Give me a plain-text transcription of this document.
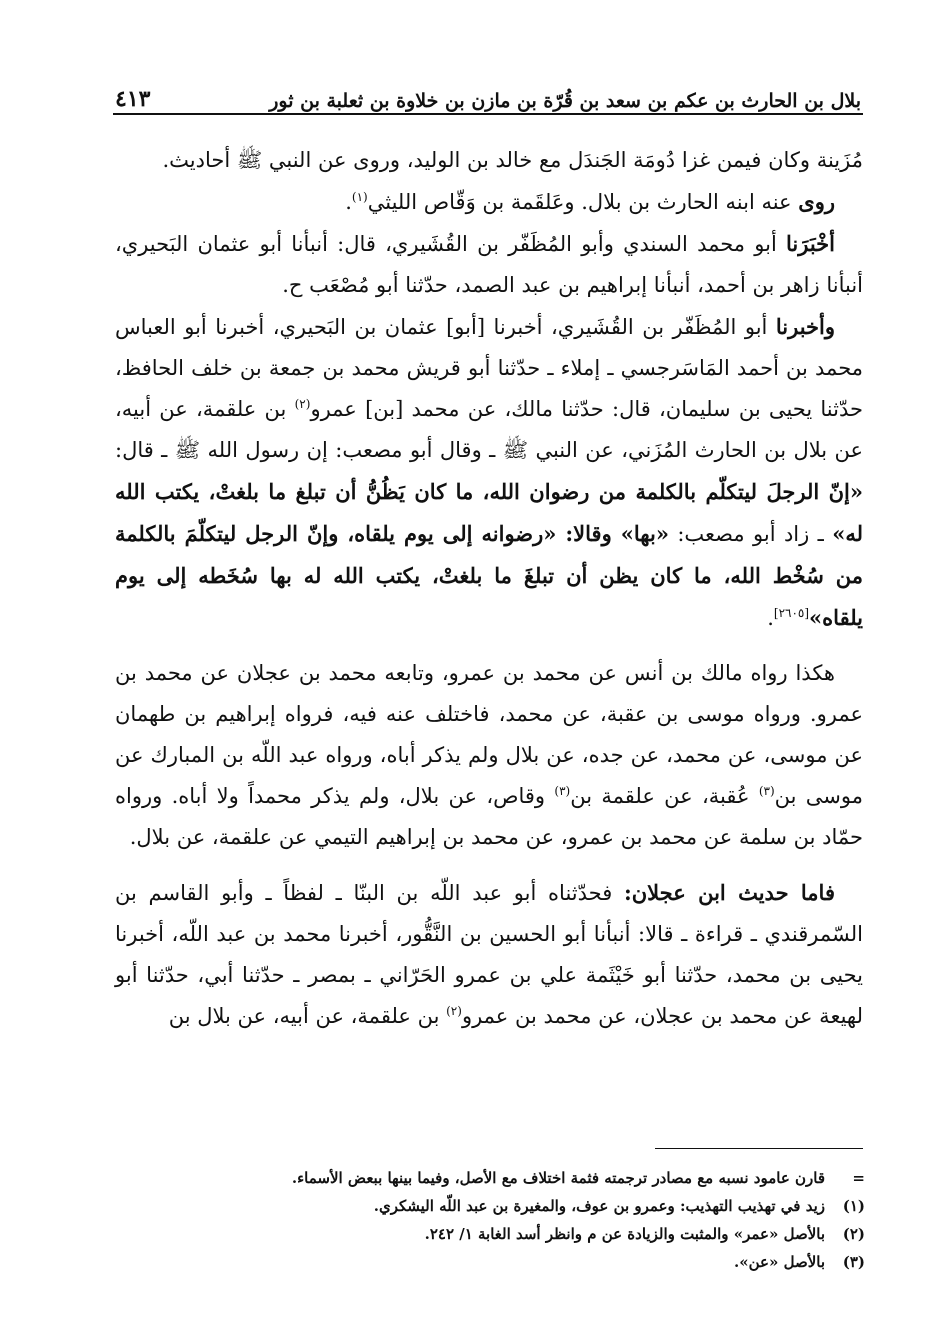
بلال بن الحارث بن عكم بن سعد بن قُرّة بن مازن بن خلاوة بن ثعلبة بن ثور
٤١٣

مُزَينة وكان فيمن غزا دُومَة الجَندَل مع خالد بن الوليد، وروى عن النبي ﷺ أحاديث.

روى عنه ابنه الحارث بن بلال. وعَلقَمة بن وَقّاص الليثي$^{(١)}$.

أخْبَرَنا أبو محمد السندي وأبو المُظَفّر بن القُشَيري، قال: أنبأنا أبو عثمان البَحيري، أنبأنا زاهر بن أحمد، أنبأنا إبراهيم بن عبد الصمد، حدّثنا أبو مُصْعَب ح.

وأخبرنا أبو المُظَفّر بن القُشَيري، أخبرنا [أبو] عثمان بن البَحيري، أخبرنا أبو العباس محمد بن أحمد المَاسَرجسي ـ إملاء ـ حدّثنا أبو قريش محمد بن جمعة بن خلف الحافظ، حدّثنا يحيى بن سليمان، قال: حدّثنا مالك، عن محمد [بن] عمرو$^{(٢)}$ بن علقمة، عن أبيه، عن بلال بن الحارث المُزَني، عن النبي ﷺ ـ وقال أبو مصعب: إن رسول الله ﷺ ـ قال: «إنّ الرجلَ ليتكلّم بالكلمة من رضوان الله، ما كان يَظُنُّ أن تبلغ ما بلغتْ، يكتب الله له» ـ زاد أبو مصعب: «بها» وقالا: «رضوانه إلى يوم يلقاه، وإنّ الرجل ليتكلّمَ بالكلمة من سُخْط الله، ما كان يظن أن تبلغَ ما بلغتْ، يكتب الله له بها سُخَطه إلى يوم يلقاه»[٢٦٠٥].

هكذا رواه مالك بن أنس عن محمد بن عمرو، وتابعه محمد بن عجلان عن محمد بن عمرو. ورواه موسى بن عقبة، عن محمد، فاختلف عنه فيه، فرواه إبراهيم بن طهمان عن موسى، عن محمد، عن جده، عن بلال ولم يذكر أباه، ورواه عبد اللّه بن المبارك عن موسى بن$^{(٣)}$ عُقبة، عن علقمة بن$^{(٣)}$ وقاص، عن بلال، ولم يذكر محمداً ولا أباه. ورواه حمّاد بن سلمة عن محمد بن عمرو، عن محمد بن إبراهيم التيمي عن علقمة، عن بلال.

فاما حديث ابن عجلان: فحدّثناه أبو عبد اللّه بن البنّا ـ لفظاً ـ وأبو القاسم بن السّمرقندي ـ قراءة ـ قالا: أنبأنا أبو الحسين بن النَّقُّور، أخبرنا محمد بن عبد اللّه، أخبرنا يحيى بن محمد، حدّثنا أبو خَيْثَمة علي بن عمرو الحَرّاني ـ بمصر ـ حدّثنا أبي، حدّثنا أبو لهيعة عن محمد بن عجلان، عن محمد بن عمرو$^{(٢)}$ بن علقمة، عن أبيه، عن بلال بن

=
قارن عامود نسبه مع مصادر ترجمته فثمة اختلاف مع الأصل، وفيما بينها ببعض الأسماء.
(١)
زيد في تهذيب التهذيب: وعمرو بن عوف، والمغيرة بن عبد اللّه اليشكري.
(٢)
بالأصل «عمر» والمثبت والزيادة عن م وانظر أسد الغابة ١/ ٢٤٢.
(٣)
بالأصل «عن».
